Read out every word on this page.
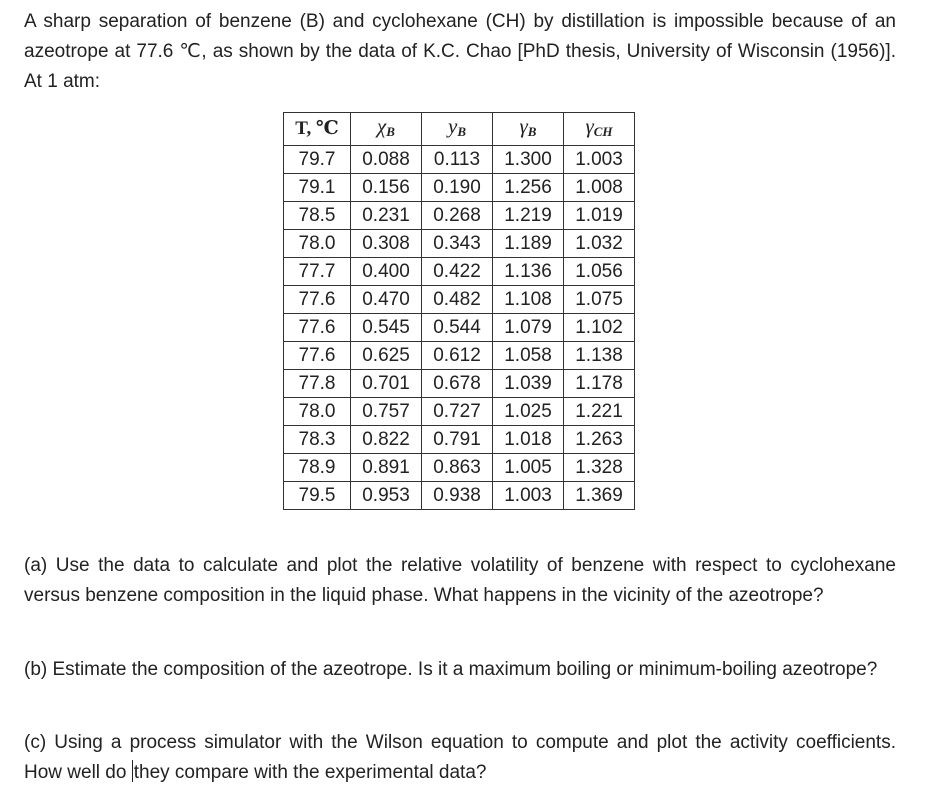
A sharp separation of benzene (B) and cyclohexane (CH) by distillation is impossible because of an azeotrope at 77.6 ℃, as shown by the data of K.C. Chao [PhD thesis, University of Wisconsin (1956)]. At 1 atm:

T, ℃	$\chi_B$	$y_B$	$\gamma_B$	$\gamma_{CH}$
79.7	0.088	0.113	1.300	1.003
79.1	0.156	0.190	1.256	1.008
78.5	0.231	0.268	1.219	1.019
78.0	0.308	0.343	1.189	1.032
77.7	0.400	0.422	1.136	1.056
77.6	0.470	0.482	1.108	1.075
77.6	0.545	0.544	1.079	1.102
77.6	0.625	0.612	1.058	1.138
77.8	0.701	0.678	1.039	1.178
78.0	0.757	0.727	1.025	1.221
78.3	0.822	0.791	1.018	1.263
78.9	0.891	0.863	1.005	1.328
79.5	0.953	0.938	1.003	1.369

(a) Use the data to calculate and plot the relative volatility of benzene with respect to cyclohexane versus benzene composition in the liquid phase. What happens in the vicinity of the azeotrope?

(b) Estimate the composition of the azeotrope. Is it a maximum boiling or minimum-boiling azeotrope?

(c) Using a process simulator with the Wilson equation to compute and plot the activity coefficients. How well do they compare with the experimental data?
